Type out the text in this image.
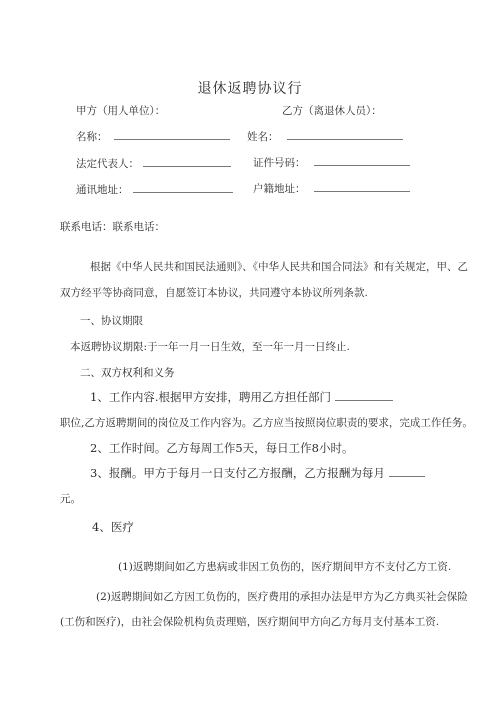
退休返聘协议行
甲方（用人单位）：
名称：
法定代表人：
通讯地址：
乙方（离退休人员）：
姓名：
证件号码：
户籍地址：
联系电话：联系电话：
根据《中华人民共和国民法通则》、《中华人民共和国合同法》和有关规定，甲、乙
双方经平等协商同意，自愿签订本协议，共同遵守本协议所列条款.
一、协议期限
本返聘协议期限:于一年一月一日生效，至一年一月一日终止.
二、双方权利和义务
1、工作内容.根据甲方安排，聘用乙方担任部门
职位,乙方返聘期间的岗位及工作内容为。乙方应当按照岗位职责的要求，完成工作任务。
2、工作时间。乙方每周工作5天，每日工作8小时。
3、报酬。甲方于每月一日支付乙方报酬，乙方报酬为每月
元。
4、医疗
(1)返聘期间如乙方患病或非因工负伤的，医疗期间甲方不支付乙方工资.
(2)返聘期间如乙方因工负伤的，医疗费用的承担办法是甲方为乙方典买社会保险
(工伤和医疗)，由社会保险机构负责理赔，医疗期间甲方向乙方每月支付基本工资.
